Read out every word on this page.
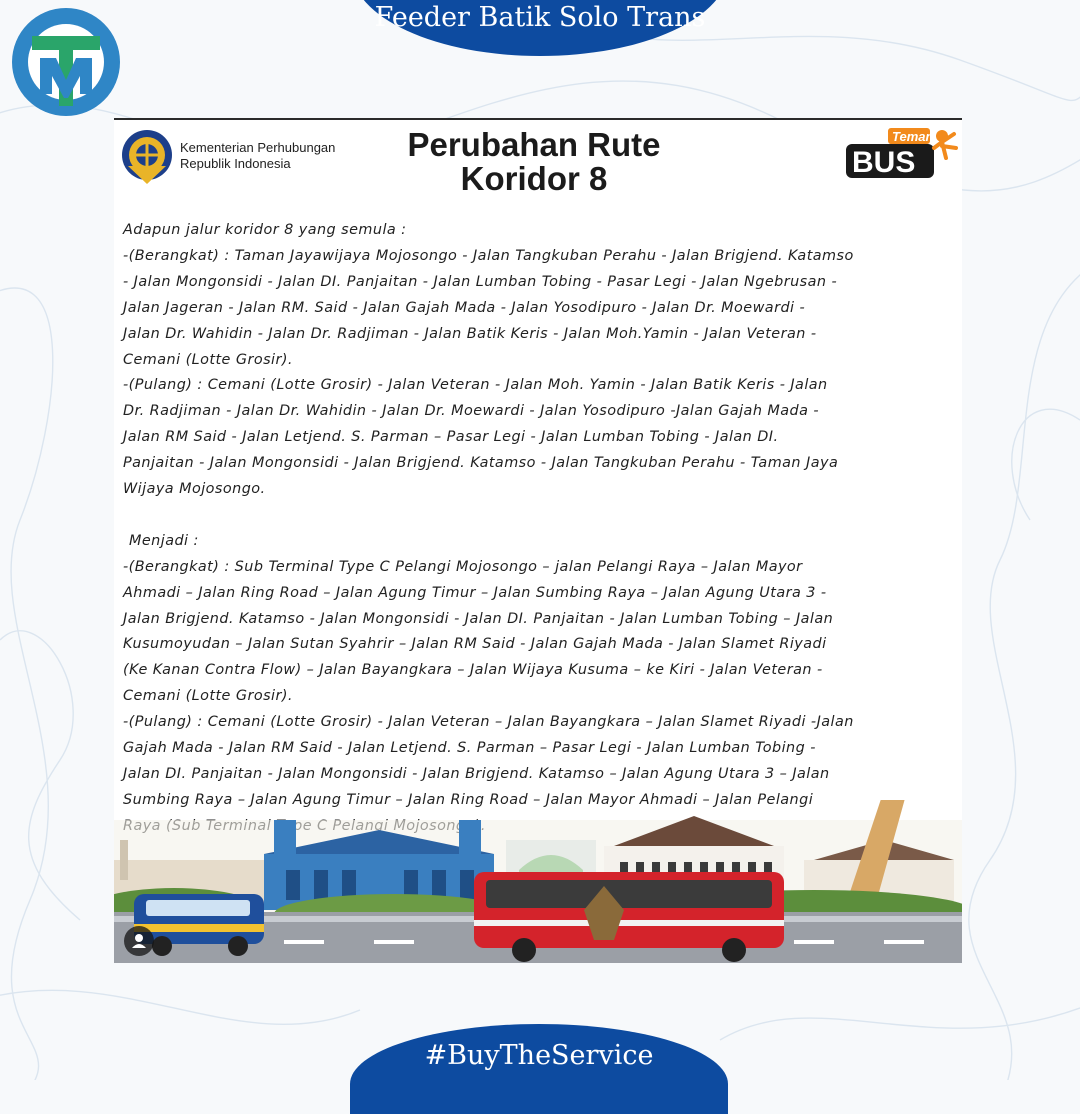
Feeder Batik Solo Trans
Kementerian Perhubungan
Republik Indonesia
Perubahan Rute
Koridor 8	BUS
Teman

Adapun jalur koridor 8 yang semula :

-(Berangkat) : Taman Jayawijaya Mojosongo - Jalan Tangkuban Perahu - Jalan Brigjend. Katamso

- Jalan Mongonsidi - Jalan DI. Panjaitan - Jalan Lumban Tobing - Pasar Legi - Jalan Ngebrusan -

Jalan Jageran - Jalan RM. Said - Jalan Gajah Mada - Jalan Yosodipuro - Jalan Dr. Moewardi -

Jalan Dr. Wahidin - Jalan Dr. Radjiman - Jalan Batik Keris - Jalan Moh.Yamin - Jalan Veteran -

Cemani (Lotte Grosir).

-(Pulang) : Cemani (Lotte Grosir) - Jalan Veteran - Jalan Moh. Yamin - Jalan Batik Keris - Jalan

Dr. Radjiman - Jalan Dr. Wahidin - Jalan Dr. Moewardi - Jalan Yosodipuro -Jalan Gajah Mada -

Jalan RM Said - Jalan Letjend. S. Parman – Pasar Legi - Jalan Lumban Tobing - Jalan DI.

Panjaitan - Jalan Mongonsidi - Jalan Brigjend. Katamso - Jalan Tangkuban Perahu - Taman Jaya

Wijaya Mojosongo.

Menjadi :

-(Berangkat) : Sub Terminal Type C Pelangi Mojosongo – jalan Pelangi Raya – Jalan Mayor

Ahmadi – Jalan Ring Road – Jalan Agung Timur – Jalan Sumbing Raya – Jalan Agung Utara 3 -

Jalan Brigjend. Katamso - Jalan Mongonsidi - Jalan DI. Panjaitan - Jalan Lumban Tobing – Jalan

Kusumoyudan – Jalan Sutan Syahrir – Jalan RM Said - Jalan Gajah Mada - Jalan Slamet Riyadi

(Ke Kanan Contra Flow) – Jalan Bayangkara – Jalan Wijaya Kusuma – ke Kiri - Jalan Veteran -

Cemani (Lotte Grosir).

-(Pulang) : Cemani (Lotte Grosir) - Jalan Veteran – Jalan Bayangkara – Jalan Slamet Riyadi -Jalan

Gajah Mada - Jalan RM Said - Jalan Letjend. S. Parman – Pasar Legi - Jalan Lumban Tobing -

Jalan DI. Panjaitan - Jalan Mongonsidi - Jalan Brigjend. Katamso – Jalan Agung Utara 3 – Jalan

Sumbing Raya – Jalan Agung Timur – Jalan Ring Road – Jalan Mayor Ahmadi – Jalan Pelangi

#BuyTheService
